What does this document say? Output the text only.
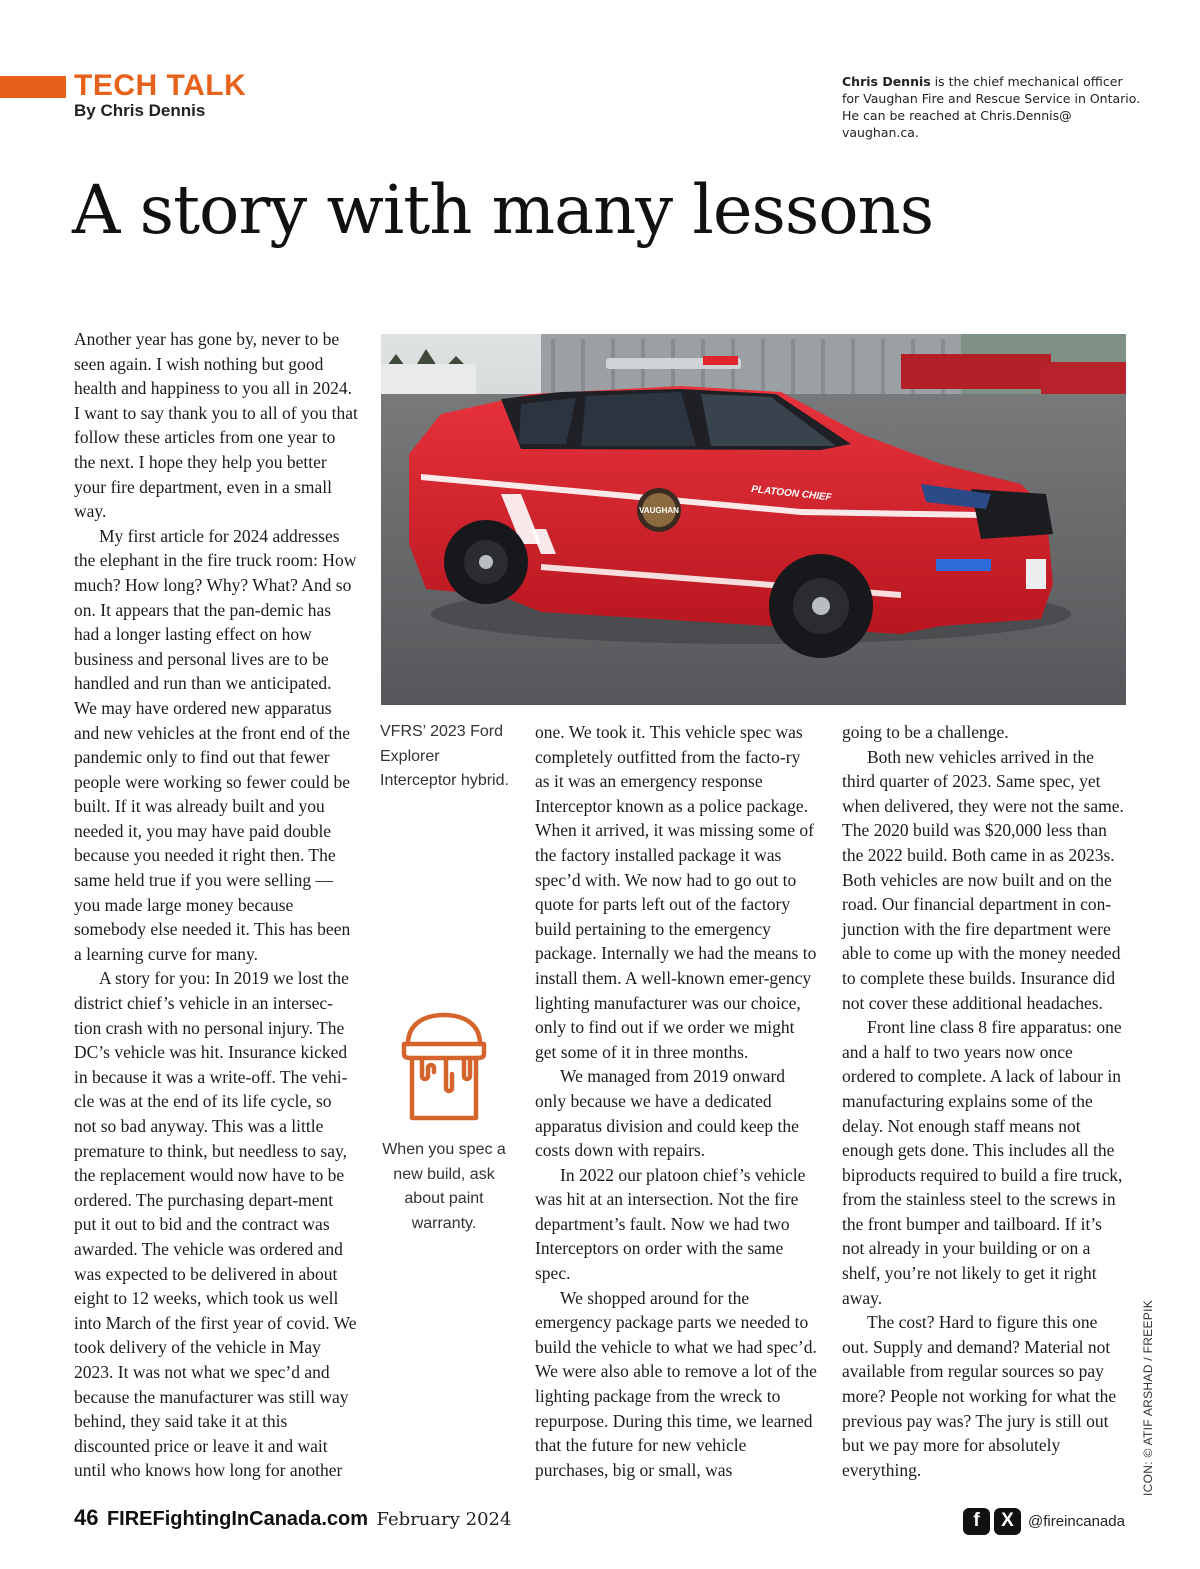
TECH TALK
By Chris Dennis
Chris Dennis is the chief mechanical officer for Vaughan Fire and Rescue Service in Ontario. He can be reached at Chris.Dennis@ vaughan.ca.
A story with many lessons

Another year has gone by, never to be seen again. I wish nothing but good health and happiness to you all in 2024. I want to say thank you to all of you that follow these articles from one year to the next. I hope they help you better your fire department, even in a small way.

My first article for 2024 addresses the elephant in the fire truck room: How much? How long? Why? What? And so on. It appears that the pan-demic has had a longer lasting effect on how business and personal lives are to be handled and run than we anticipated. We may have ordered new apparatus and new vehicles at the front end of the pandemic only to find out that fewer people were working so fewer could be built. If it was already built and you needed it, you may have paid double because you needed it right then. The same held true if you were selling — you made large money because somebody else needed it. This has been a learning curve for many.

A story for you: In 2019 we lost the district chief’s vehicle in an intersec-tion crash with no personal injury. The DC’s vehicle was hit. Insurance kicked in because it was a write-off. The vehi-cle was at the end of its life cycle, so not so bad anyway. This was a little premature to think, but needless to say, the replacement would now have to be ordered. The purchasing depart-ment put it out to bid and the contract was awarded. The vehicle was ordered and was expected to be delivered in about eight to 12 weeks, which took us well into March of the first year of covid. We took delivery of the vehicle in May 2023. It was not what we spec’d and because the manufacturer was still way behind, they said take it at this discounted price or leave it and wait until who knows how long for another

VAUGHAN
PLATOON CHIEF
VFRS’ 2023 Ford Explorer Interceptor hybrid.
When you spec a new build, ask about paint warranty.

one. We took it. This vehicle spec was completely outfitted from the facto-ry as it was an emergency response Interceptor known as a police package. When it arrived, it was missing some of the factory installed package it was spec’d with. We now had to go out to quote for parts left out of the factory build pertaining to the emergency package. Internally we had the means to install them. A well-known emer-gency lighting manufacturer was our choice, only to find out if we order we might get some of it in three months.

We managed from 2019 onward only because we have a dedicated apparatus division and could keep the costs down with repairs.

In 2022 our platoon chief’s vehicle was hit at an intersection. Not the fire department’s fault. Now we had two Interceptors on order with the same spec.

We shopped around for the emergency package parts we needed to build the vehicle to what we had spec’d. We were also able to remove a lot of the lighting package from the wreck to repurpose. During this time, we learned that the future for new vehicle purchases, big or small, was

going to be a challenge.

Both new vehicles arrived in the third quarter of 2023. Same spec, yet when delivered, they were not the same. The 2020 build was $20,000 less than the 2022 build. Both came in as 2023s. Both vehicles are now built and on the road. Our financial department in con-junction with the fire department were able to come up with the money needed to complete these builds. Insurance did not cover these additional headaches.

Front line class 8 fire apparatus: one and a half to two years now once ordered to complete. A lack of labour in manufacturing explains some of the delay. Not enough staff means not enough gets done. This includes all the biproducts required to build a fire truck, from the stainless steel to the screws in the front bumper and tailboard. If it’s not already in your building or on a shelf, you’re not likely to get it right away.

The cost? Hard to figure this one out. Supply and demand? Material not available from regular sources so pay more? People not working for what the previous pay was? The jury is still out but we pay more for absolutely everything.	ICON: © ATIF ARSHAD / FREEPIK
46 FIREFightingInCanada.com February 2024	f	X @fireincanada
